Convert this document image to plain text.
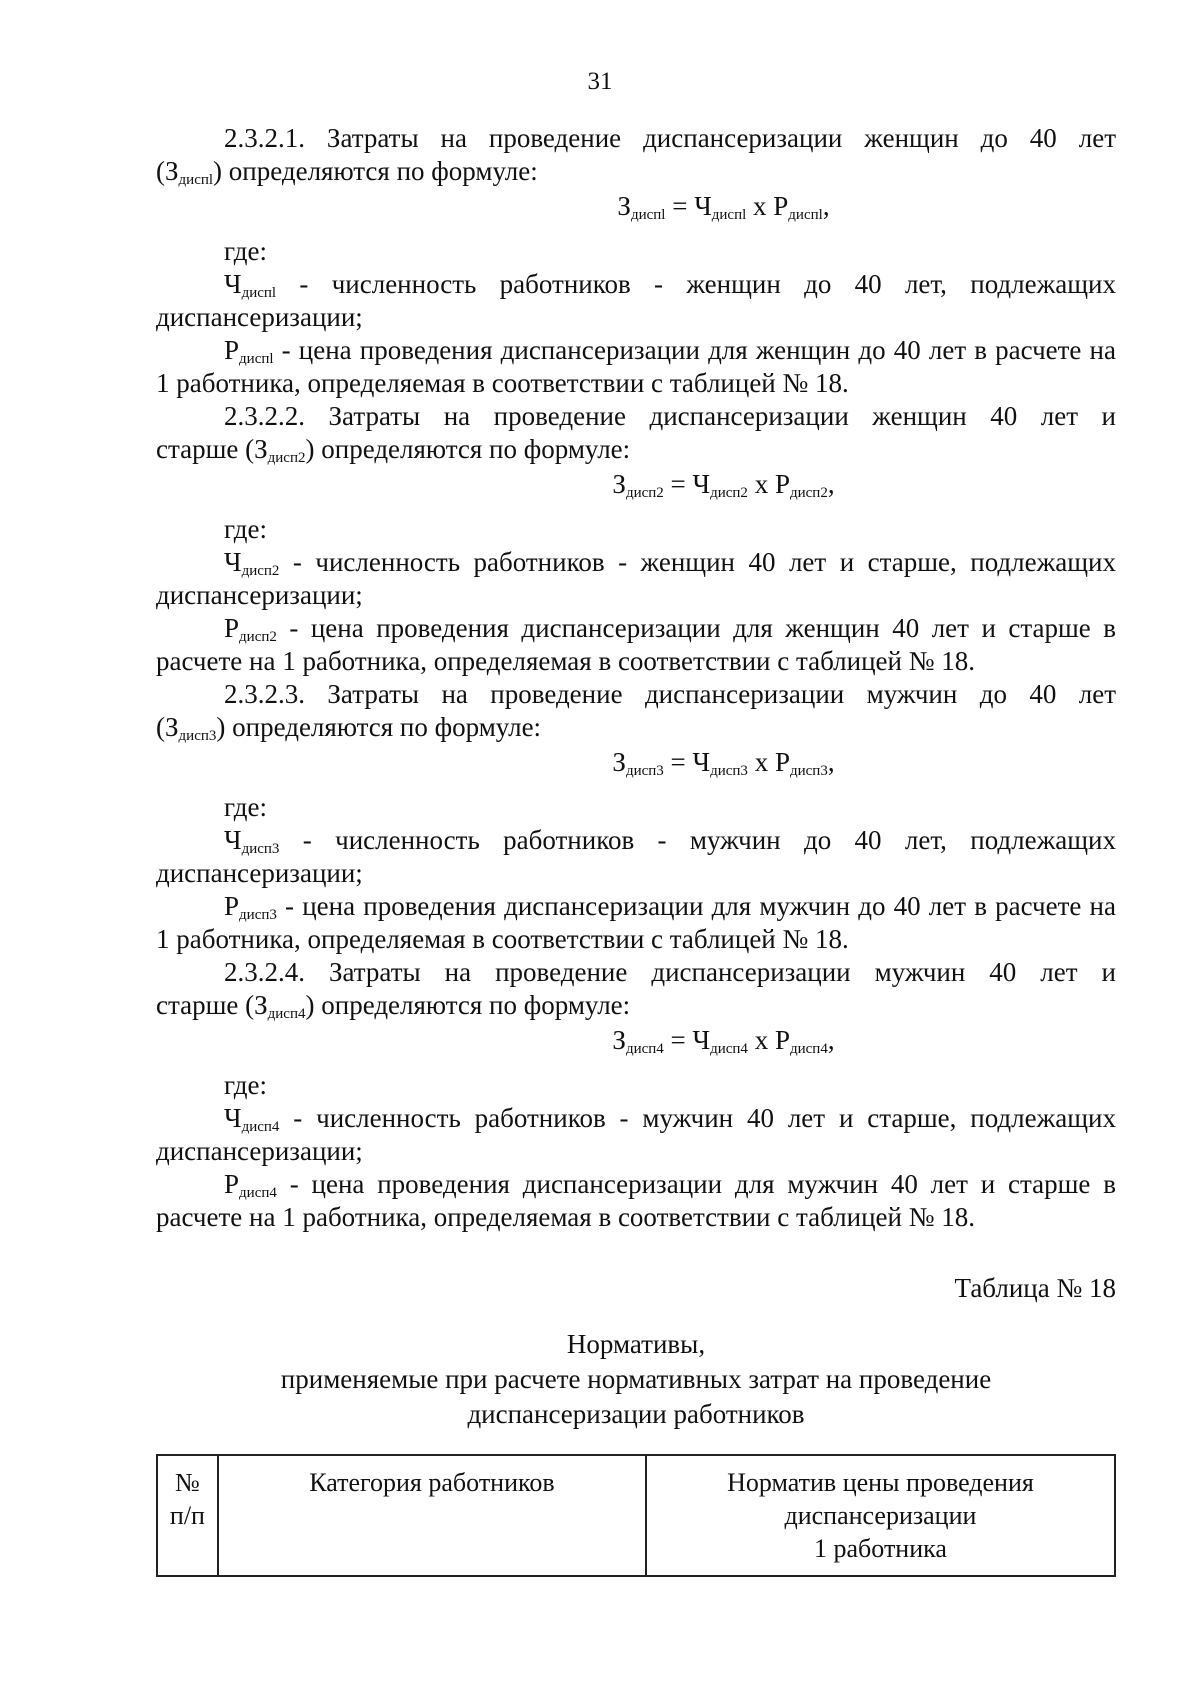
31

2.3.2.1. Затраты на проведение диспансеризации женщин до 40 лет

$(З_{диспl})$ определяются по формуле:

$З_{диспl} = Ч_{диспl}$ х $Р_{диспl}$,
где:

$Ч_{диспl}$ - численность работников - женщин до 40 лет, подлежащих диспансеризации;

$Р_{диспl}$ - цена проведения диспансеризации для женщин до 40 лет в расчете на 1 работника, определяемая в соответствии с таблицей № 18.

2.3.2.2. Затраты на проведение диспансеризации женщин 40 лет и

старше $(З_{дисп2})$ определяются по формуле:

$З_{дисп2} = Ч_{дисп2}$ х $Р_{дисп2}$,
где:

$Ч_{дисп2}$ - численность работников - женщин 40 лет и старше, подлежащих диспансеризации;

$Р_{дисп2}$ - цена проведения диспансеризации для женщин 40 лет и старше в расчете на 1 работника, определяемая в соответствии с таблицей № 18.

2.3.2.3. Затраты на проведение диспансеризации мужчин до 40 лет

$(З_{дисп3})$ определяются по формуле:

$З_{дисп3} = Ч_{дисп3}$ х $Р_{дисп3}$,
где:

$Ч_{дисп3}$ - численность работников - мужчин до 40 лет, подлежащих диспансеризации;

$Р_{дисп3}$ - цена проведения диспансеризации для мужчин до 40 лет в расчете на 1 работника, определяемая в соответствии с таблицей № 18.

2.3.2.4. Затраты на проведение диспансеризации мужчин 40 лет и

старше $(З_{дисп4})$ определяются по формуле:

$З_{дисп4} = Ч_{дисп4}$ х $Р_{дисп4}$,
где:

$Ч_{дисп4}$ - численность работников - мужчин 40 лет и старше, подлежащих диспансеризации;

$Р_{дисп4}$ - цена проведения диспансеризации для мужчин 40 лет и старше в расчете на 1 работника, определяемая в соответствии с таблицей № 18.

Таблица № 18
Нормативы,
применяемые при расчете нормативных затрат на проведение
диспансеризации работников
№
п/п

Категория работников	Норматив цены проведения
диспансеризации
1 работника
